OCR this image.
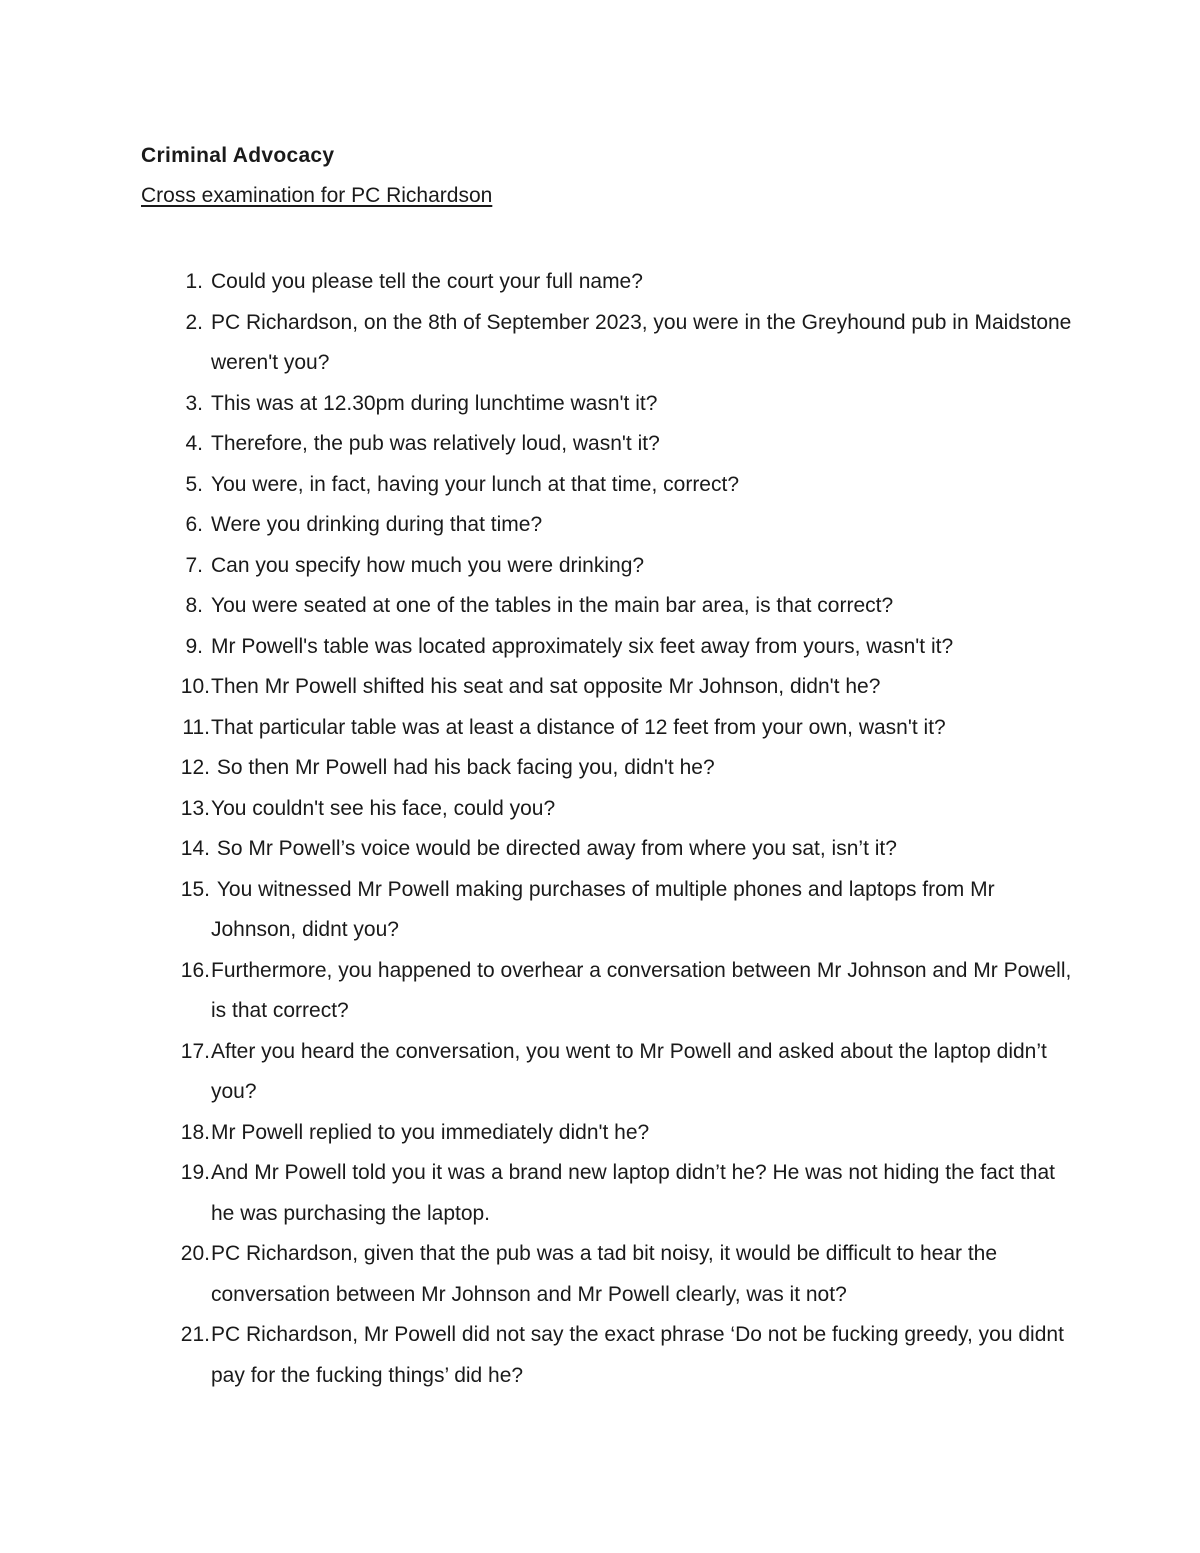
Criminal Advocacy
Cross examination for PC Richardson
1. Could you please tell the court your full name?
2. PC Richardson, on the 8th of September 2023, you were in the Greyhound pub in Maidstone weren't you?
3. This was at 12.30pm during lunchtime wasn't it?
4. Therefore, the pub was relatively loud, wasn't it?
5. You were, in fact, having your lunch at that time, correct?
6. Were you drinking during that time?
7. Can you specify how much you were drinking?
8. You were seated at one of the tables in the main bar area, is that correct?
9. Mr Powell's table was located approximately six feet away from yours, wasn't it?
10. Then Mr Powell shifted his seat and sat opposite Mr Johnson, didn't he?
11. That particular table was at least a distance of 12 feet from your own, wasn't it?
12. So then Mr Powell had his back facing you, didn't he?
13. You couldn't see his face, could you?
14. So Mr Powell’s voice would be directed away from where you sat, isn’t it?
15. You witnessed Mr Powell making purchases of multiple phones and laptops from Mr Johnson, didnt you?
16. Furthermore, you happened to overhear a conversation between Mr Johnson and Mr Powell, is that correct?
17. After you heard the conversation, you went to Mr Powell and asked about the laptop didn’t you?
18. Mr Powell replied to you immediately didn't he?
19. And Mr Powell told you it was a brand new laptop didn’t he? He was not hiding the fact that he was purchasing the laptop.
20. PC Richardson, given that the pub was a tad bit noisy, it would be difficult to hear the conversation between Mr Johnson and Mr Powell clearly, was it not?
21. PC Richardson, Mr Powell did not say the exact phrase ‘Do not be fucking greedy, you didnt pay for the fucking things’ did he?
